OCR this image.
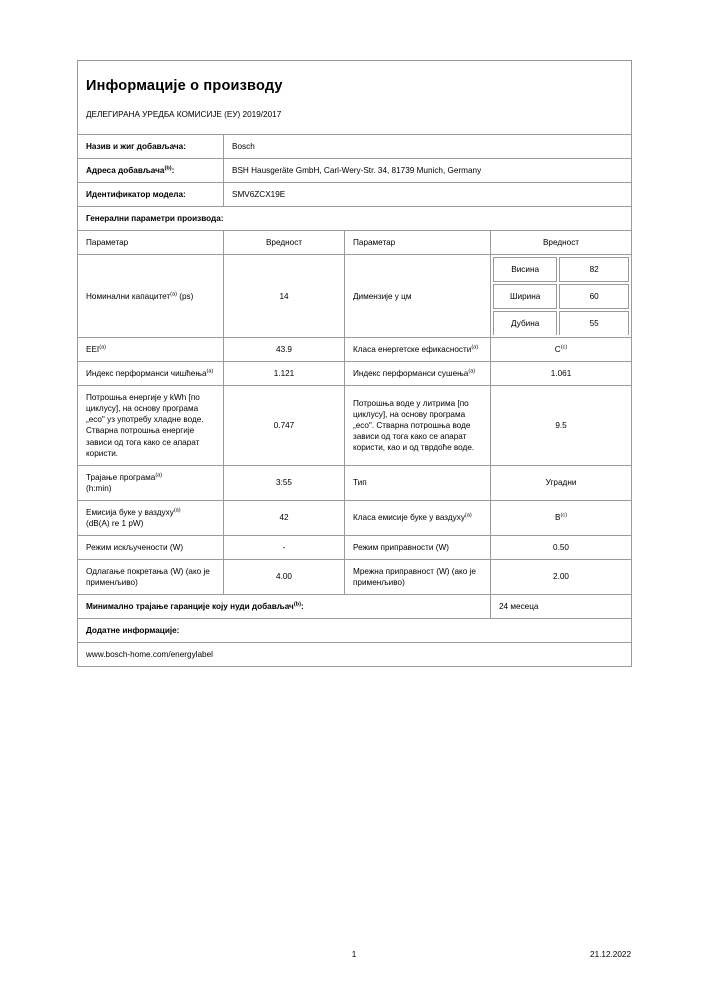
Информације о производу

ДЕЛЕГИРАНА УРЕДБА КОМИСИЈЕ (ЕУ) 2019/2017

Назив и жиг добављача:	Bosch
Адреса добављача$^{(b)}$:	BSH Hausgeräte GmbH, Carl-Wery-Str. 34, 81739 Munich, Germany
Идентификатор модела:	SMV6ZCX19E
Генерални параметри производа:
Параметар	Вредност	Параметар	Вредност
Номинални капацитет$^{(a)}$ (ps)	14	Димензије у цм	
Висина	82
Ширина	60
Дубина	55

EEI$^{(a)}$	43.9	Класа енергетске ефикасности$^{(a)}$	$C^{(c)}$
Индекс перформанси чишћења$^{(a)}$	1.121	Индекс перформанси сушења$^{(a)}$	1.061
Потрошња енергије у kWh [по циклусу], на основу програма „eco" уз употребу хладне воде. Стварна потрошња енергије зависи од тога како се апарат користи.	0.747	Потрошња воде у литрима [по циклусу], на основу програма „eco". Стварна потрошња воде зависи од тога како се апарат користи, као и од тврдоће воде.	9.5
Трајање програма$^{(a)}$
(h:min)	3:55	Тип	Уградни
Емисија буке у ваздуху$^{(a)}$
(dB(A) re 1 pW)	42	Класа емисије буке у ваздуху$^{(a)}$	$B^{(c)}$
Режим искључености (W)	-	Режим приправности (W)	0.50
Одлагање покретања (W) (ако је применљиво)	4.00	Мрежна приправност (W) (ако је применљиво)	2.00
Минимално трајање гаранције коју нуди добављач$^{(b)}$:	24 месеца
Додатне информације:
www.bosch-home.com/energylabel
1	21.12.2022
